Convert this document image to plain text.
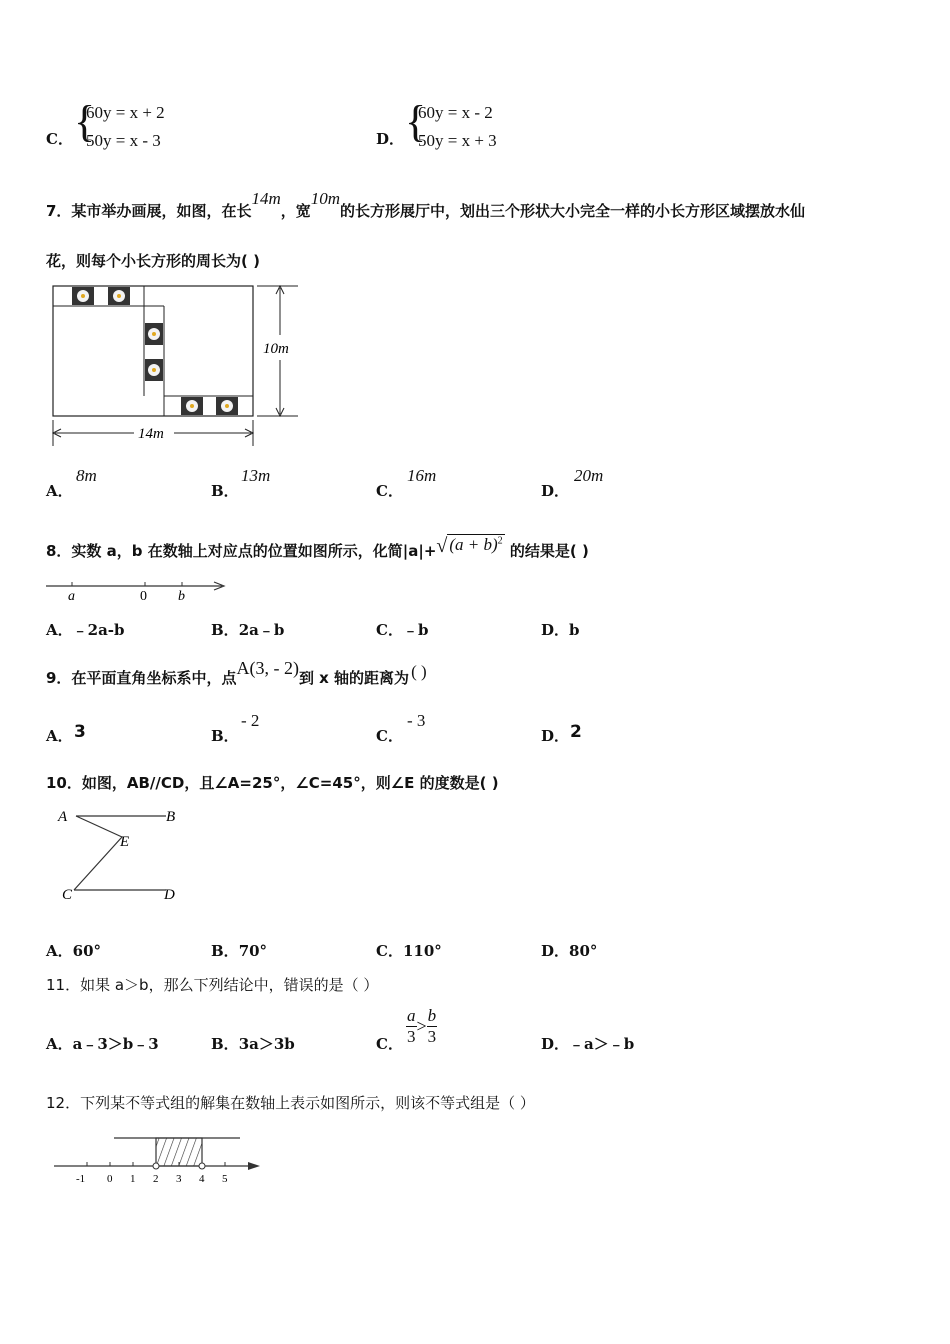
C． {
60y = x + 2
50y = x - 3	D． {
60y = x - 2
50y = x + 3
7．某市举办画展，如图，在长14m，宽10m的长方形展厅中，划出三个形状大小完全一样的小长方形区域摆放水仙
花，则每个小长方形的周长为( )
10m
14m
A．
8m
B．
13m
C．
16m
D．
20m
8．实数 a，b 在数轴上对应点的位置如图所示，化简|a|+√ $(a + b)^2$ 的结果是( )
a	0 b
A．﹣2a-b	B．2a﹣b	C．﹣b	D．b
9．在平面直角坐标系中，点A(3, - 2)到 x 轴的距离为 ( )
A． 3	B．
- 2
C．
- 3
D． 2
10．如图，AB//CD，且∠A=25°，∠C=45°，则∠E 的度数是( )
A	B
E
C	D
A．60°	B．70°	C．110°	D．80°
11．如果 a＞b，那么下列结论中，错误的是（ ）
A．a﹣3＞b﹣3	B．3a＞3b	C． $\frac{a}{3} > \frac{b}{3}$	D．﹣a＞﹣b
12．下列某不等式组的解集在数轴上表示如图所示，则该不等式组是（ ）
-1 0 1 2 3 4 5
